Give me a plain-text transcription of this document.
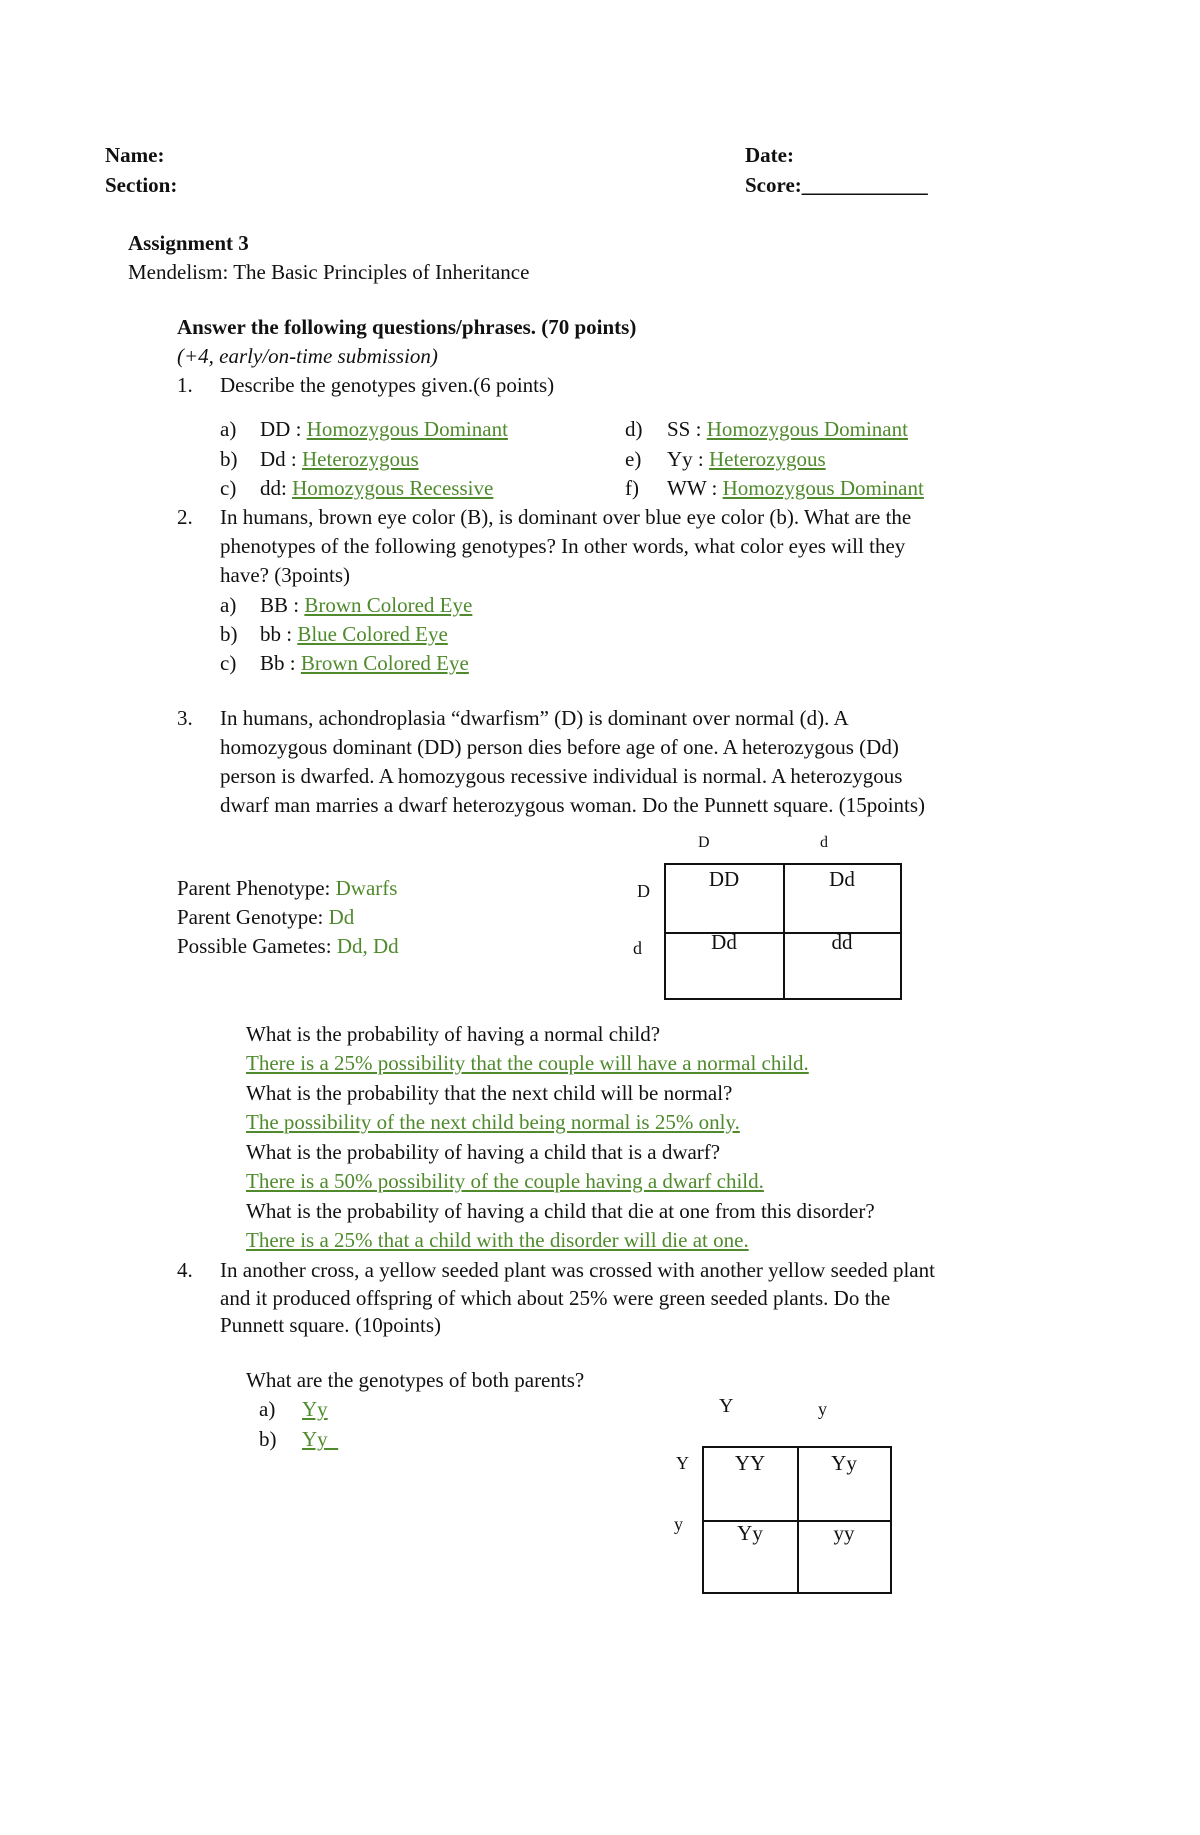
Name:
Section:
Date:
Score:____________
Assignment 3
Mendelism: The Basic Principles of Inheritance
Answer the following questions/phrases. (70 points)
(+4, early/on-time submission)
1. Describe the genotypes given.(6 points)
a) DD : Homozygous Dominant
b) Dd : Heterozygous
c) dd: Homozygous Recessive
d) SS : Homozygous Dominant
e) Yy : Heterozygous
f) WW : Homozygous Dominant
2. In humans, brown eye color (B), is dominant over blue eye color (b). What are the
phenotypes of the following genotypes? In other words, what color eyes will they
have? (3points)
a) BB : Brown Colored Eye
b) bb : Blue Colored Eye
c) Bb : Brown Colored Eye
3. In humans, achondroplasia “dwarfism” (D) is dominant over normal (d). A
homozygous dominant (DD) person dies before age of one. A heterozygous (Dd)
person is dwarfed. A homozygous recessive individual is normal. A heterozygous
dwarf man marries a dwarf heterozygous woman. Do the Punnett square. (15points)
Parent Phenotype: Dwarfs
Parent Genotype: Dd
Possible Gametes: Dd, Dd
D	d
D
d
DD	Dd
Dd	dd
What is the probability of having a normal child?
There is a 25% possibility that the couple will have a normal child.
What is the probability that the next child will be normal?
The possibility of the next child being normal is 25% only.
What is the probability of having a child that is a dwarf?
There is a 50% possibility of the couple having a dwarf child.
What is the probability of having a child that die at one from this disorder?
There is a 25% that a child with the disorder will die at one.
4. In another cross, a yellow seeded plant was crossed with another yellow seeded plant
and it produced offspring of which about 25% were green seeded plants. Do the
Punnett square. (10points)
What are the genotypes of both parents?
a) Yy
b) Yy
Y	y
Y
y
YY	Yy
Yy	yy
